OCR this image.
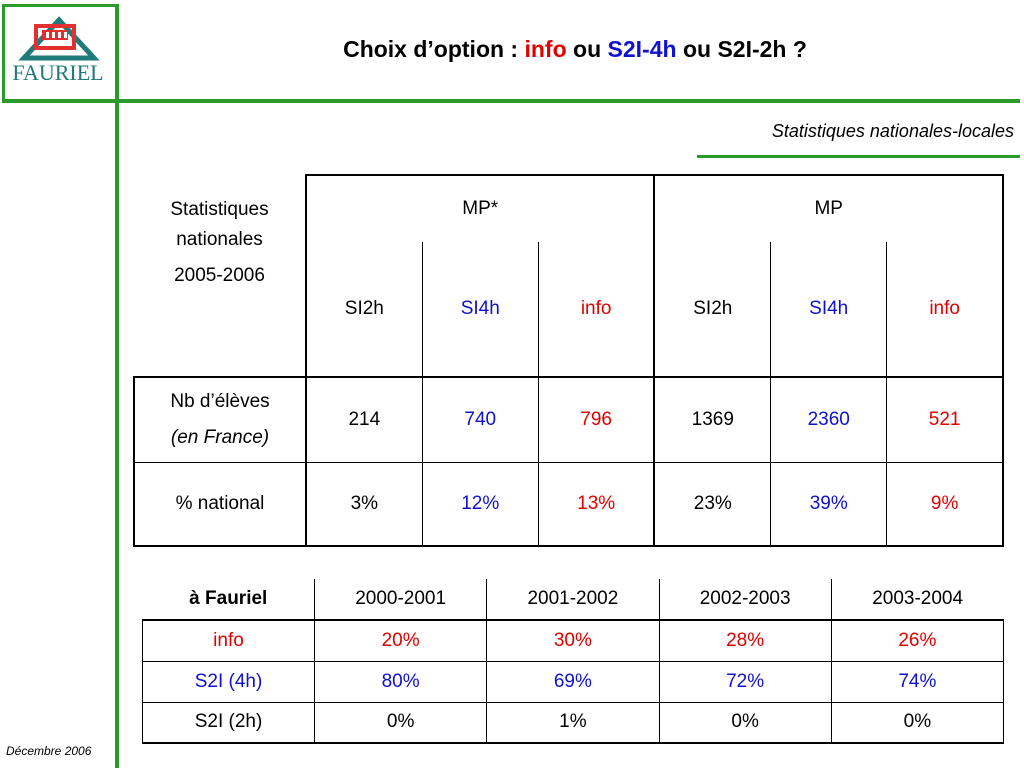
FAURIEL
Choix d’option : info ou S2I-4h ou S2I-2h ?
Statistiques nationales-locales
Statistiques
nationales
2005-2006	MP*			MP		
	SI2h	SI4h	info	SI2h	SI4h	info

Nb d’élèves
(en France)	214	740	796	1369	2360	521
% national	3%	12%	13%	23%	39%	9%
à Fauriel	2000-2001	2001-2002	2002-2003	2003-2004
info	20%	30%	28%	26%
S2I (4h)	80%	69%	72%	74%
S2I (2h)	0%	1%	0%	0%
Décembre 2006
